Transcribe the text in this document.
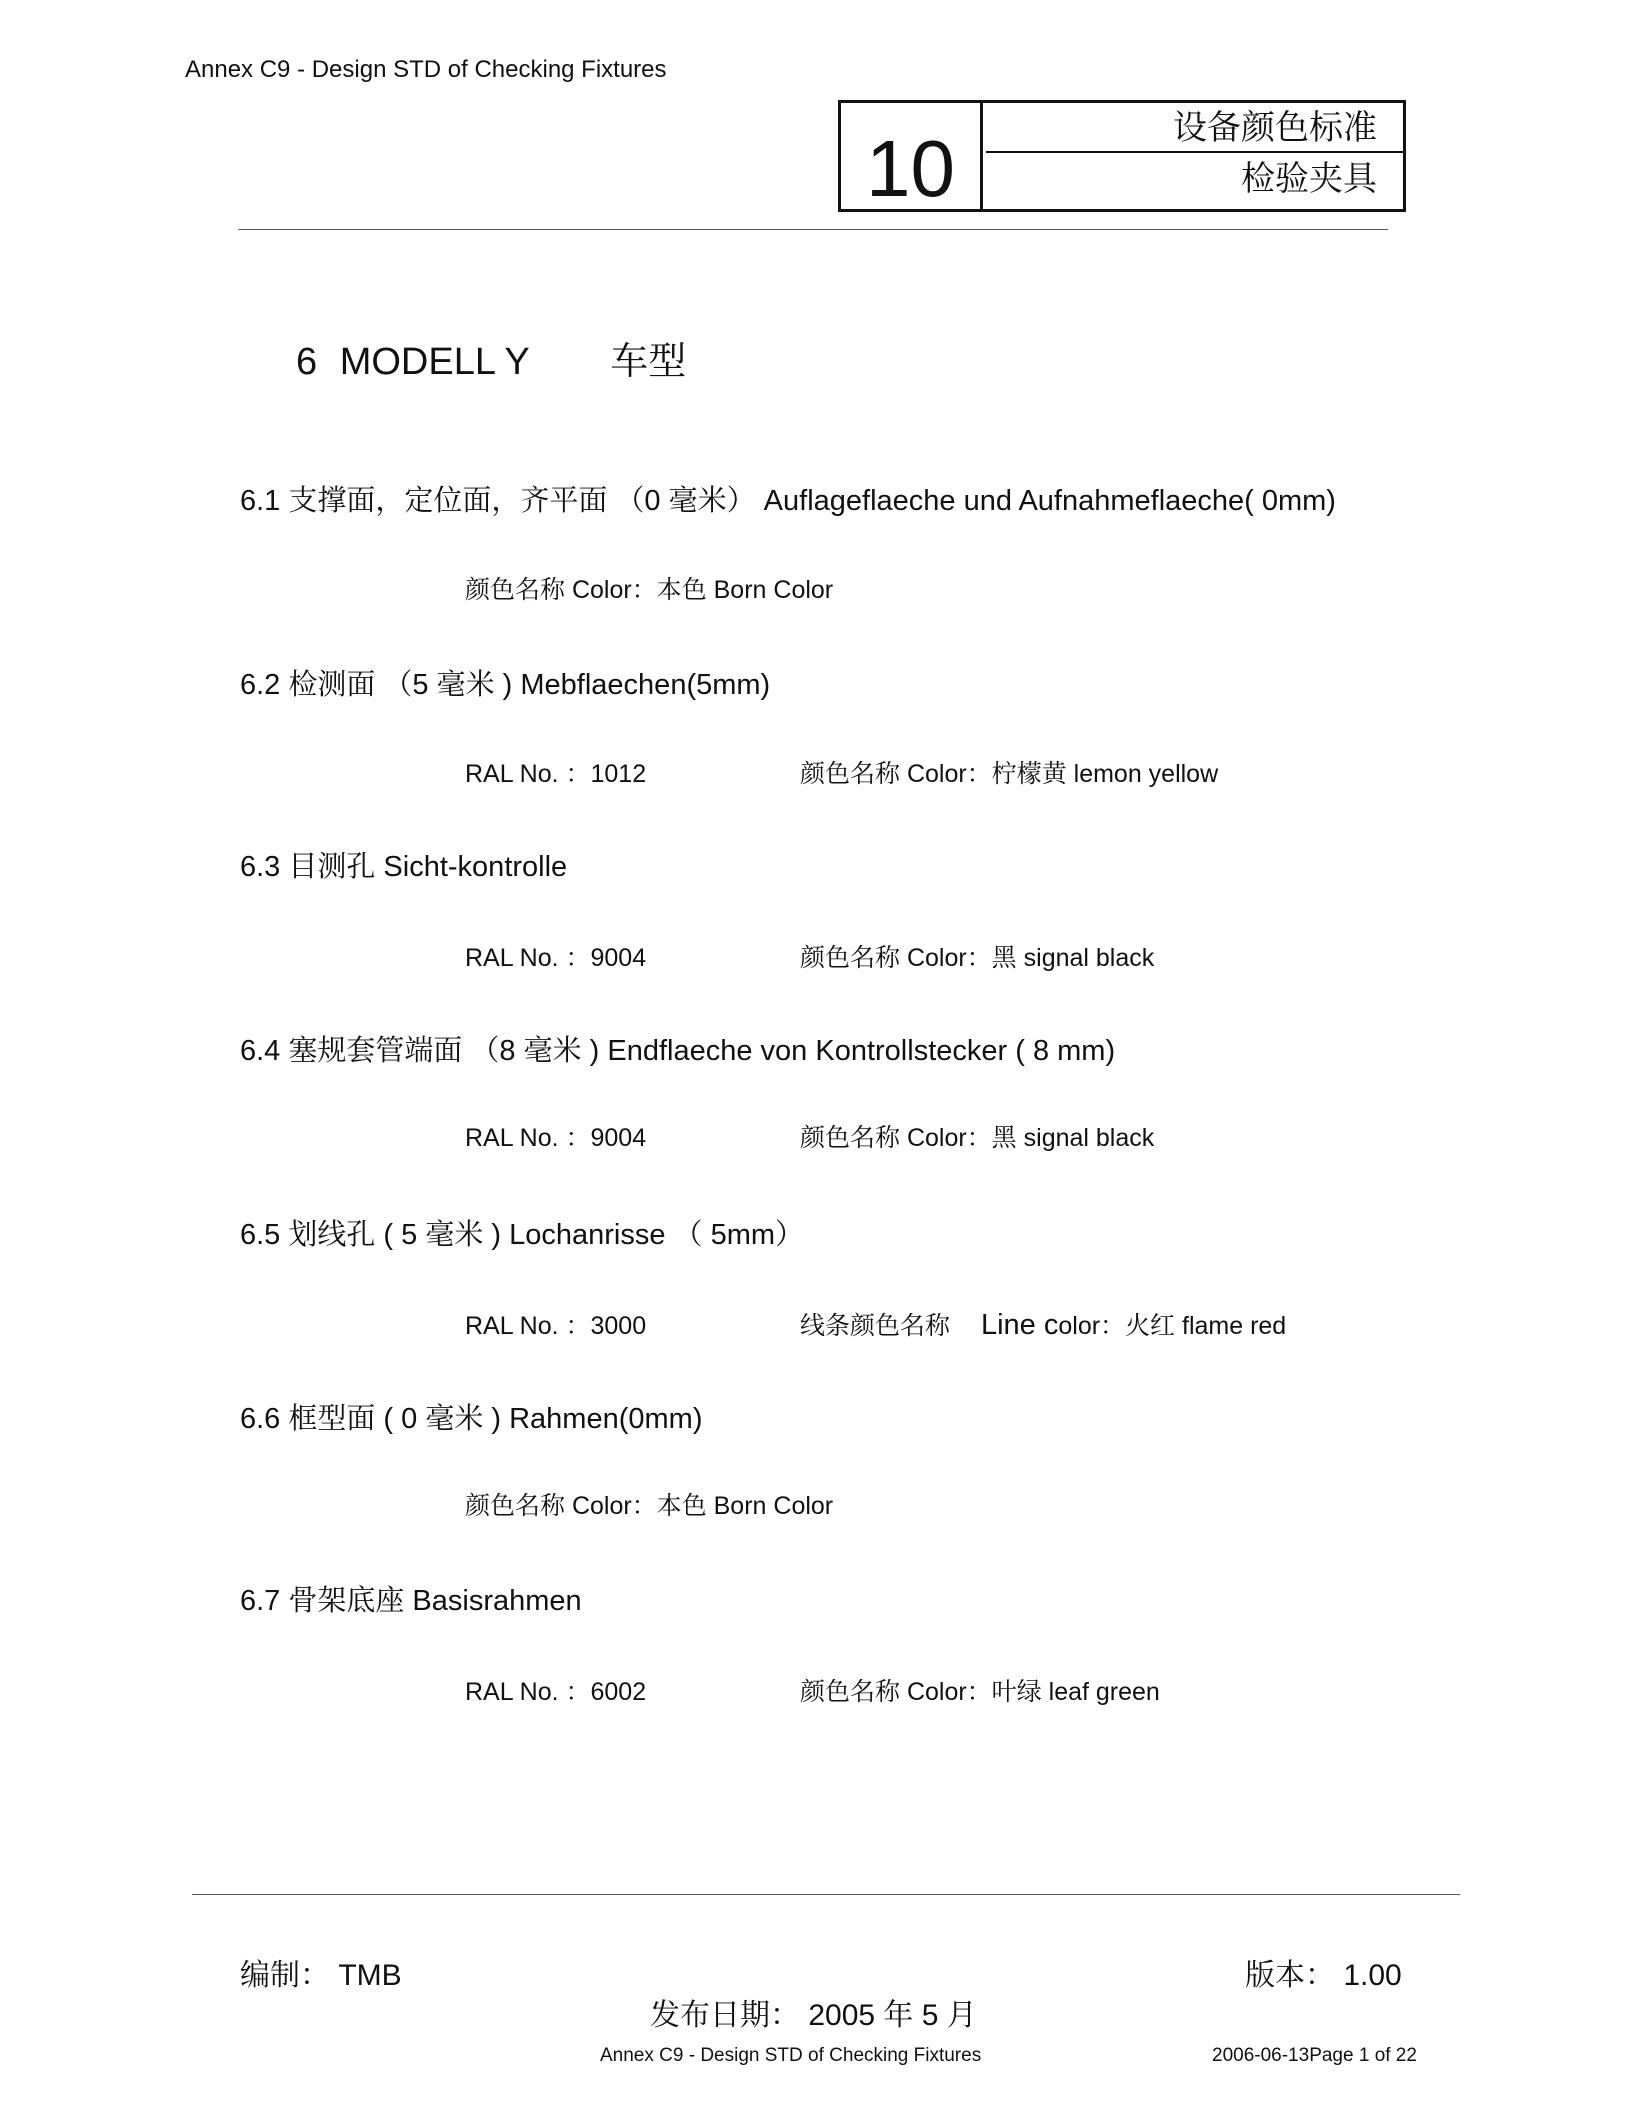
Annex C9 - Design STD of Checking Fixtures
10	设备颜色标准
检验夹具
6 MODELL Y 车型
6.1 支撑面，定位面，齐平面 （0 毫米） Auflageflaeche und Aufnahmeflaeche( 0mm)
颜色名称 Color：本色 Born Color
6.2 检测面 （5 毫米 ) Mebflaechen(5mm)
RAL No. ：1012	颜色名称 Color：柠檬黄 lemon yellow
6.3 目测孔 Sicht-kontrolle
RAL No. ：9004	颜色名称 Color：黑 signal black
6.4 塞规套管端面 （8 毫米 ) Endflaeche von Kontrollstecker ( 8 mm)
RAL No. ：9004	颜色名称 Color：黑 signal black
6.5 划线孔 ( 5 毫米 ) Lochanrisse （ 5mm）
RAL No. ：3000	线条颜色名称 Line color：火红 flame red
6.6 框型面 ( 0 毫米 ) Rahmen(0mm)
颜色名称 Color：本色 Born Color
6.7 骨架底座 Basisrahmen
RAL No. ：6002	颜色名称 Color：叶绿 leaf green
编制： TMB	版本： 1.00
发布日期： 2005 年 5 月
Annex C9 - Design STD of Checking Fixtures	2006-06-13Page 1 of 22
